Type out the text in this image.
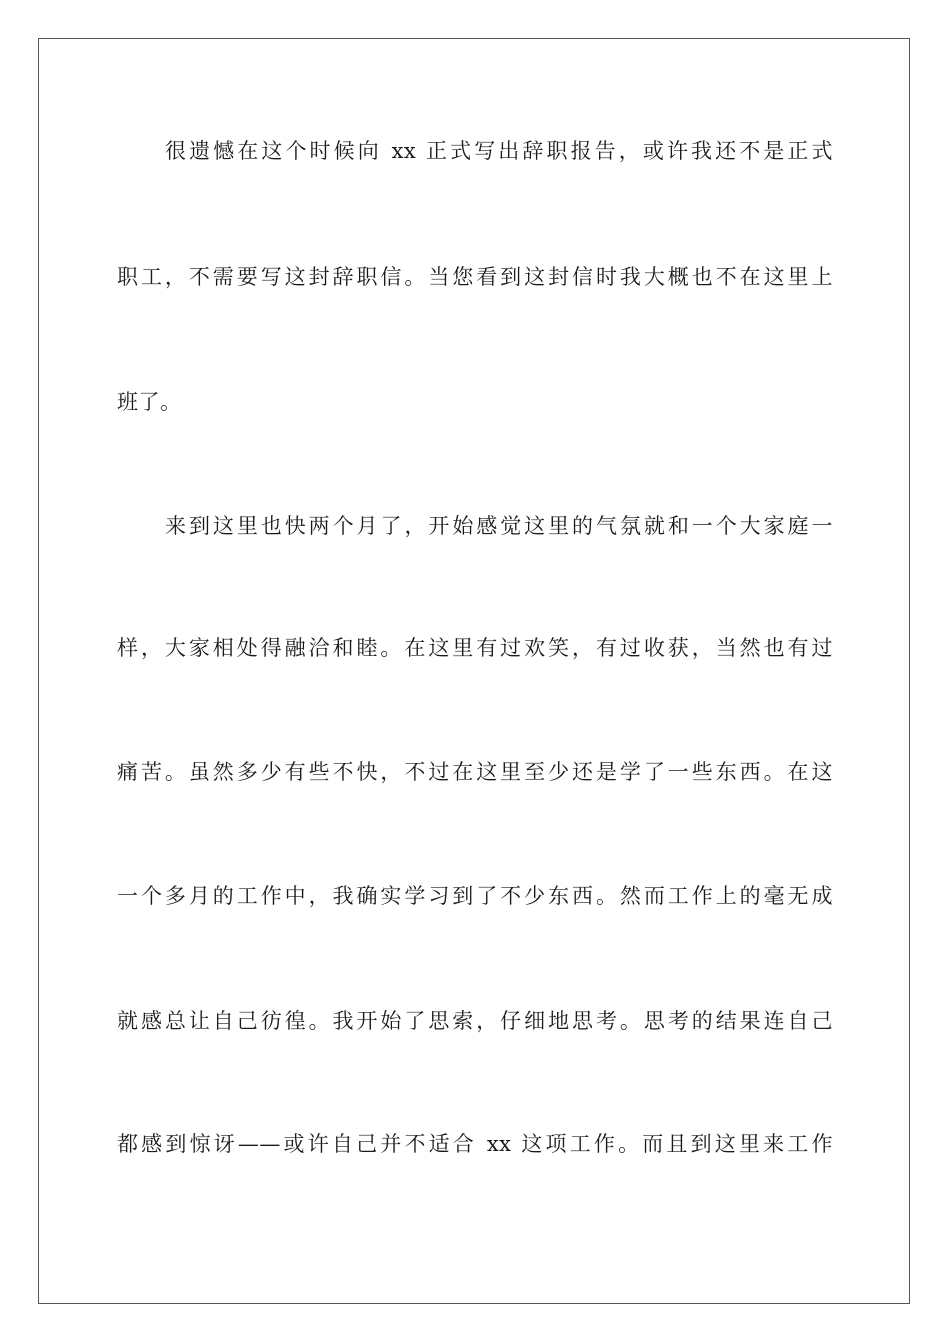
很遗憾在这个时候向 xx 正式写出辞职报告，或许我还不是正式
职工，不需要写这封辞职信。当您看到这封信时我大概也不在这里上
班了。
来到这里也快两个月了，开始感觉这里的气氛就和一个大家庭一
样，大家相处得融洽和睦。在这里有过欢笑，有过收获，当然也有过
痛苦。虽然多少有些不快，不过在这里至少还是学了一些东西。在这
一个多月的工作中，我确实学习到了不少东西。然而工作上的毫无成
就感总让自己彷徨。我开始了思索，仔细地思考。思考的结果连自己
都感到惊讶——或许自己并不适合 xx 这项工作。而且到这里来工作
